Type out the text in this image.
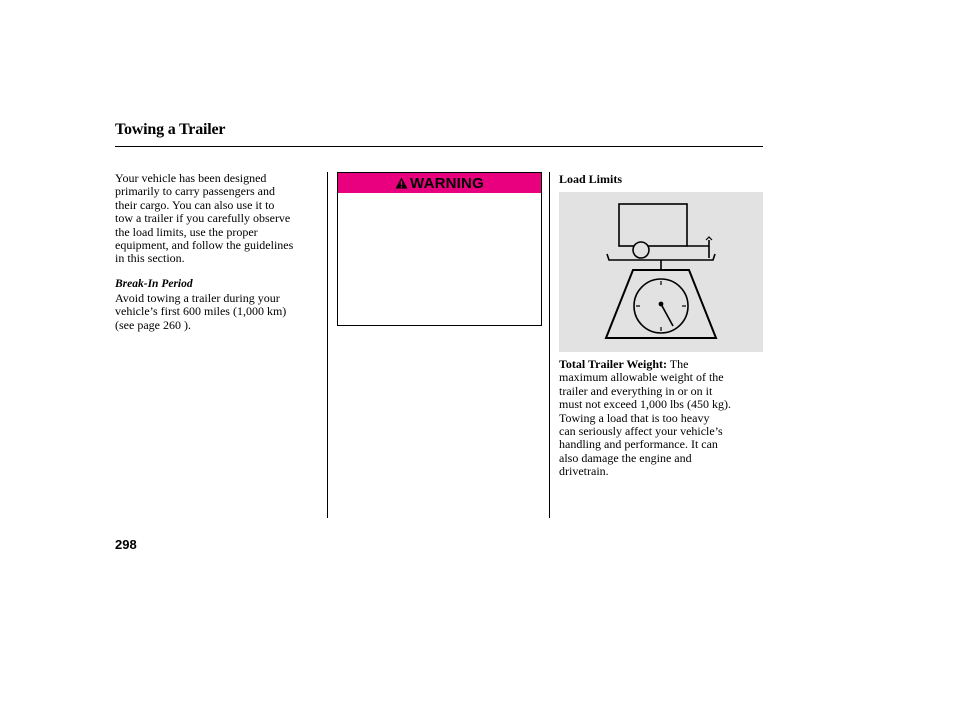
Towing a Trailer
Your vehicle has been designed
primarily to carry passengers and
their cargo. You can also use it to
tow a trailer if you carefully observe
the load limits, use the proper
equipment, and follow the guidelines
in this section.
Break-In Period
Avoid towing a trailer during your
vehicle’s first 600 miles (1,000 km)
(see page 260 ).
WARNING	Load Limits
Total Trailer Weight: The
maximum allowable weight of the
trailer and everything in or on it
must not exceed 1,000 lbs (450 kg).
Towing a load that is too heavy
can seriously affect your vehicle’s
handling and performance. It can
also damage the engine and
drivetrain.
298
